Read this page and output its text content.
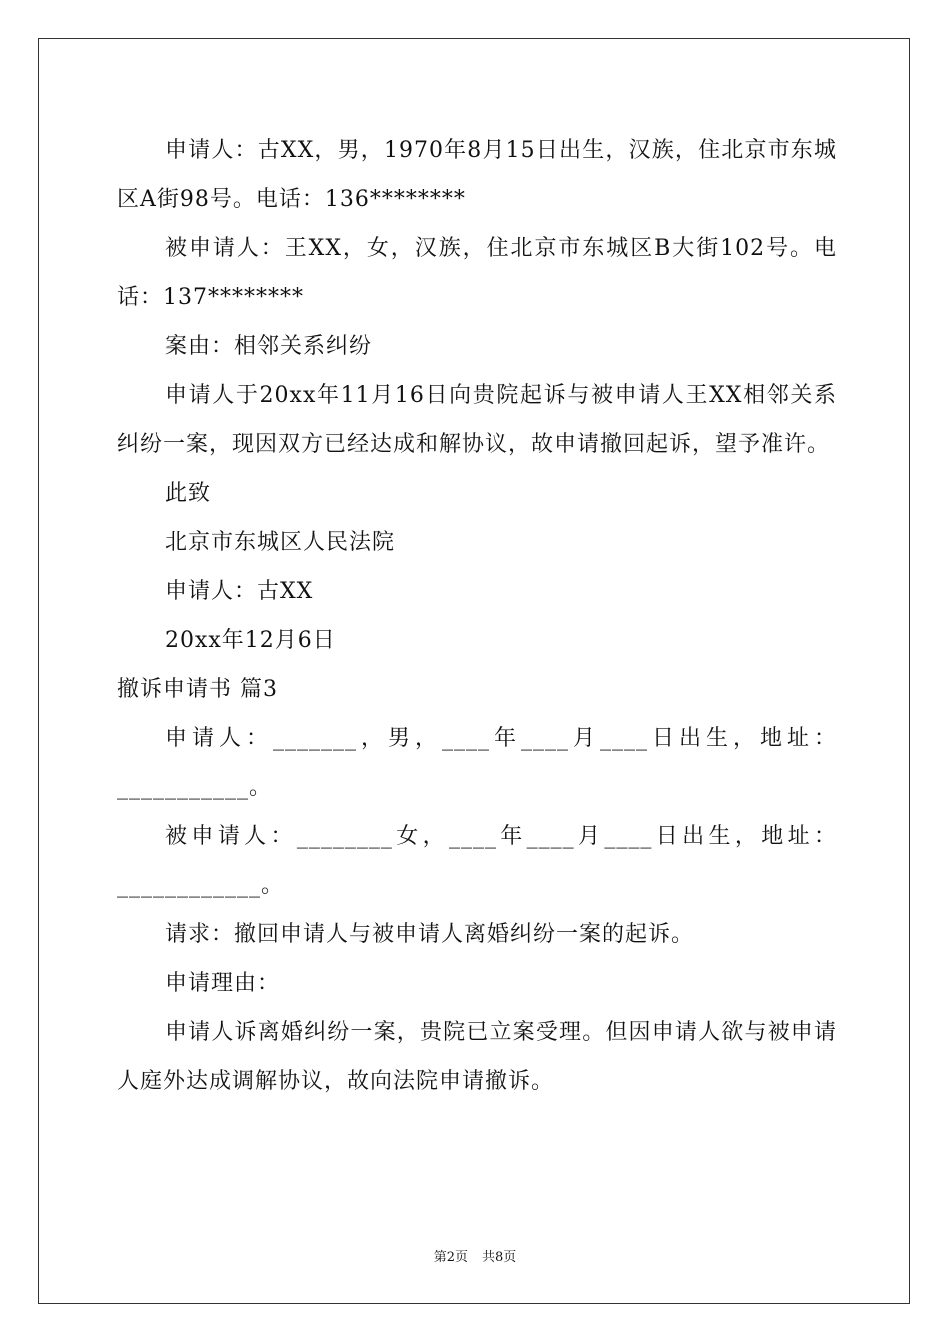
申请人：古XX，男，1970年8月15日出生，汉族，住北京市东城区A街98号。电话：136********

被申请人：王XX，女，汉族，住北京市东城区B大街102号。电话：137********

案由：相邻关系纠纷

申请人于20xx年11月16日向贵院起诉与被申请人王XX相邻关系纠纷一案，现因双方已经达成和解协议，故申请撤回起诉，望予准许。

此致

北京市东城区人民法院

申请人：古XX

20xx年12月6日

撤诉申请书 篇3

申请人：_______，男，____年____月____日出生，地址：___________。

被申请人：________女，____年____月____日出生，地址：____________。

请求：撤回申请人与被申请人离婚纠纷一案的起诉。

申请理由：

申请人诉离婚纠纷一案，贵院已立案受理。但因申请人欲与被申请人庭外达成调解协议，故向法院申请撤诉。

第2页 共8页
